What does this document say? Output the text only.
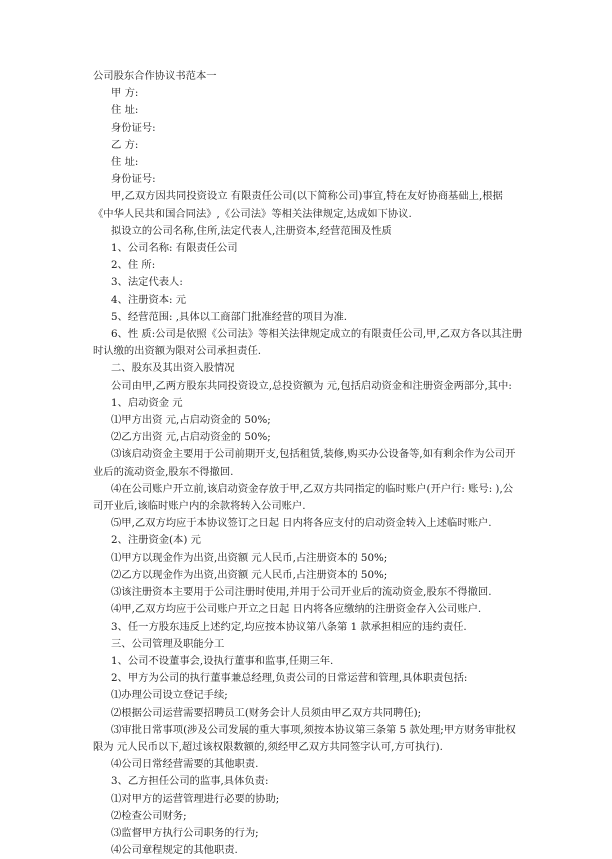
公司股东合作协议书范本一

甲 方:

住 址:

身份证号:

乙 方:

住 址:

身份证号:

甲,乙双方因共同投资设立 有限责任公司(以下简称公司)事宜,特在友好协商基础上,根据《中华人民共和国合同法》,《公司法》等相关法律规定,达成如下协议.

拟设立的公司名称,住所,法定代表人,注册资本,经营范围及性质

1、公司名称: 有限责任公司

2、住 所:

3、法定代表人:

4、注册资本: 元

5、经营范围: ,具体以工商部门批准经营的项目为准.

6、性 质:公司是依照《公司法》等相关法律规定成立的有限责任公司,甲,乙双方各以其注册时认缴的出资额为限对公司承担责任.

二、股东及其出资入股情况

公司由甲,乙两方股东共同投资设立,总投资额为 元,包括启动资金和注册资金两部分,其中:

1、启动资金 元

⑴甲方出资 元,占启动资金的 50%;

⑵乙方出资 元,占启动资金的 50%;

⑶该启动资金主要用于公司前期开支,包括租赁,装修,购买办公设备等,如有剩余作为公司开业后的流动资金,股东不得撤回.

⑷在公司账户开立前,该启动资金存放于甲,乙双方共同指定的临时账户(开户行: 账号: ),公司开业后,该临时账户内的余款将转入公司账户.

⑸甲,乙双方均应于本协议签订之日起 日内将各应支付的启动资金转入上述临时账户.

2、注册资金(本) 元

⑴甲方以现金作为出资,出资额 元人民币,占注册资本的 50%;

⑵乙方以现金作为出资,出资额 元人民币,占注册资本的 50%;

⑶该注册资本主要用于公司注册时使用,并用于公司开业后的流动资金,股东不得撤回.

⑷甲,乙双方均应于公司账户开立之日起 日内将各应缴纳的注册资金存入公司账户.

3、任一方股东违反上述约定,均应按本协议第八条第 1 款承担相应的违约责任.

三、公司管理及职能分工

1、公司不设董事会,设执行董事和监事,任期三年.

2、甲方为公司的执行董事兼总经理,负责公司的日常运营和管理,具体职责包括:

⑴办理公司设立登记手续;

⑵根据公司运营需要招聘员工(财务会计人员须由甲乙双方共同聘任);

⑶审批日常事项(涉及公司发展的重大事项,须按本协议第三条第 5 款处理;甲方财务审批权限为 元人民币以下,超过该权限数额的,须经甲乙双方共同签字认可,方可执行).

⑷公司日常经营需要的其他职责.

3、乙方担任公司的监事,具体负责:

⑴对甲方的运营管理进行必要的协助;

⑵检查公司财务;

⑶监督甲方执行公司职务的行为;

⑷公司章程规定的其他职责.
